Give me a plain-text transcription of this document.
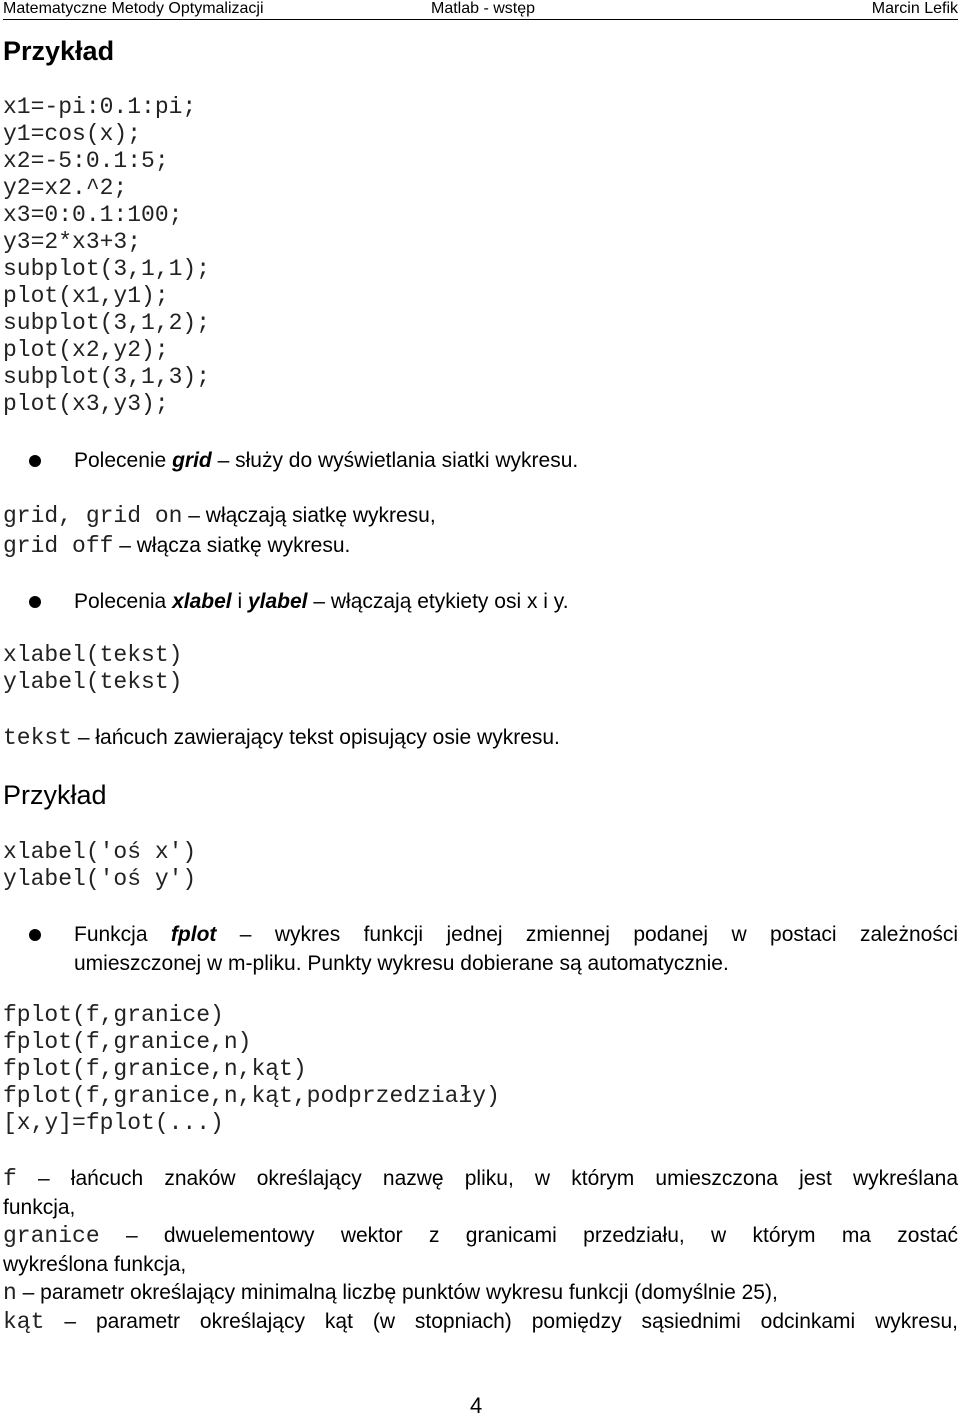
Matematyczne Metody Optymalizacji	Matlab - wstęp	Marcin Lefik
Przykład
x1=-pi:0.1:pi;
y1=cos(x);
x2=-5:0.1:5;
y2=x2.^2;
x3=0:0.1:100;
y3=2*x3+3;
subplot(3,1,1);
plot(x1,y1);
subplot(3,1,2);
plot(x2,y2);
subplot(3,1,3);
plot(x3,y3);
Polecenie grid – służy do wyświetlania siatki wykresu.
grid, grid on – włączają siatkę wykresu,
grid off – włącza siatkę wykresu.
Polecenia xlabel i ylabel – włączają etykiety osi x i y.
xlabel(tekst)
ylabel(tekst)
tekst – łańcuch zawierający tekst opisujący osie wykresu.
Przykład
xlabel('oś x')
ylabel('oś y')
Funkcja fplot – wykres funkcji jednej zmiennej podanej w postaci zależności
umieszczonej w m-pliku. Punkty wykresu dobierane są automatycznie.
fplot(f,granice)
fplot(f,granice,n)
fplot(f,granice,n,kąt)
fplot(f,granice,n,kąt,podprzedziały)
[x,y]=fplot(...)
f – łańcuch znaków określający nazwę pliku, w którym umieszczona jest wykreślana
funkcja,
granice – dwuelementowy wektor z granicami przedziału, w którym ma zostać
wykreślona funkcja,
n – parametr określający minimalną liczbę punktów wykresu funkcji (domyślnie 25),
kąt – parametr określający kąt (w stopniach) pomiędzy sąsiednimi odcinkami wykresu,
4
